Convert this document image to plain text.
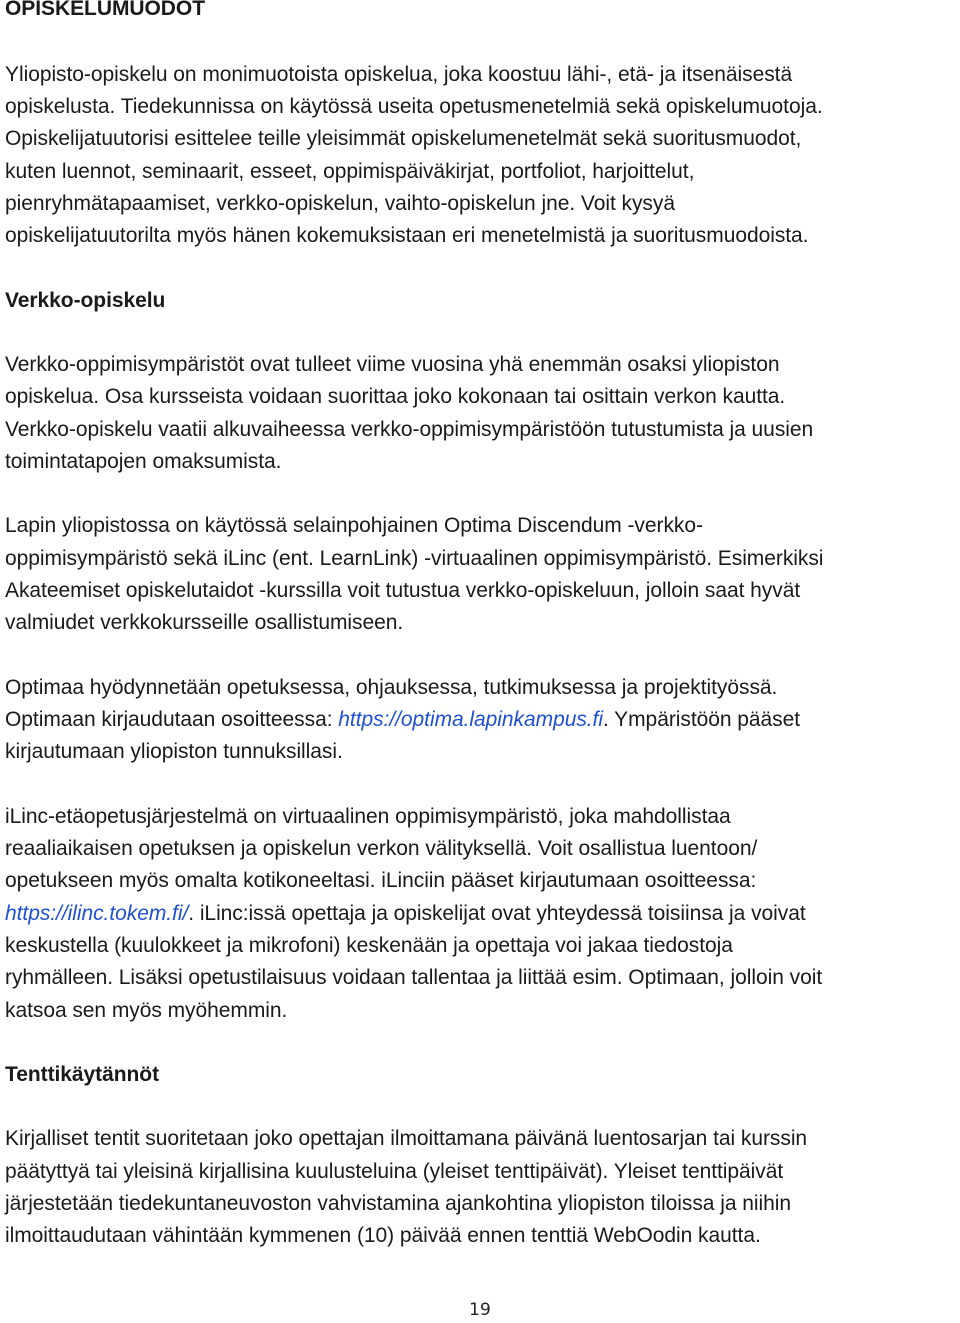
OPISKELUMUODOT
Yliopisto-opiskelu on monimuotoista opiskelua, joka koostuu lähi-, etä- ja itsenäisestä
opiskelusta. Tiedekunnissa on käytössä useita opetusmenetelmiä sekä opiskelumuotoja.
Opiskelijatuutorisi esittelee teille yleisimmät opiskelumenetelmät sekä suoritusmuodot,
kuten luennot, seminaarit, esseet, oppimispäiväkirjat, portfoliot, harjoittelut,
pienryhmätapaamiset, verkko-opiskelun, vaihto-opiskelun jne. Voit kysyä
opiskelijatuutorilta myös hänen kokemuksistaan eri menetelmistä ja suoritusmuodoista.
Verkko-opiskelu
Verkko-oppimisympäristöt ovat tulleet viime vuosina yhä enemmän osaksi yliopiston
opiskelua. Osa kursseista voidaan suorittaa joko kokonaan tai osittain verkon kautta.
Verkko-opiskelu vaatii alkuvaiheessa verkko-oppimisympäristöön tutustumista ja uusien
toimintatapojen omaksumista.
Lapin yliopistossa on käytössä selainpohjainen Optima Discendum -verkko-
oppimisympäristö sekä iLinc (ent. LearnLink) -virtuaalinen oppimisympäristö. Esimerkiksi
Akateemiset opiskelutaidot -kurssilla voit tutustua verkko-opiskeluun, jolloin saat hyvät
valmiudet verkkokursseille osallistumiseen.
Optimaa hyödynnetään opetuksessa, ohjauksessa, tutkimuksessa ja projektityössä.
Optimaan kirjaudutaan osoitteessa: https://optima.lapinkampus.fi. Ympäristöön pääset
kirjautumaan yliopiston tunnuksillasi.
iLinc-etäopetusjärjestelmä on virtuaalinen oppimisympäristö, joka mahdollistaa
reaaliaikaisen opetuksen ja opiskelun verkon välityksellä. Voit osallistua luentoon/
opetukseen myös omalta kotikoneeltasi. iLinciin pääset kirjautumaan osoitteessa:
https://ilinc.tokem.fi/. iLinc:issä opettaja ja opiskelijat ovat yhteydessä toisiinsa ja voivat
keskustella (kuulokkeet ja mikrofoni) keskenään ja opettaja voi jakaa tiedostoja
ryhmälleen. Lisäksi opetustilaisuus voidaan tallentaa ja liittää esim. Optimaan, jolloin voit
katsoa sen myös myöhemmin.
Tenttikäytännöt
Kirjalliset tentit suoritetaan joko opettajan ilmoittamana päivänä luentosarjan tai kurssin
päätyttyä tai yleisinä kirjallisina kuulusteluina (yleiset tenttipäivät). Yleiset tenttipäivät
järjestetään tiedekuntaneuvoston vahvistamina ajankohtina yliopiston tiloissa ja niihin
ilmoittaudutaan vähintään kymmenen (10) päivää ennen tenttiä WebOodin kautta.
19
